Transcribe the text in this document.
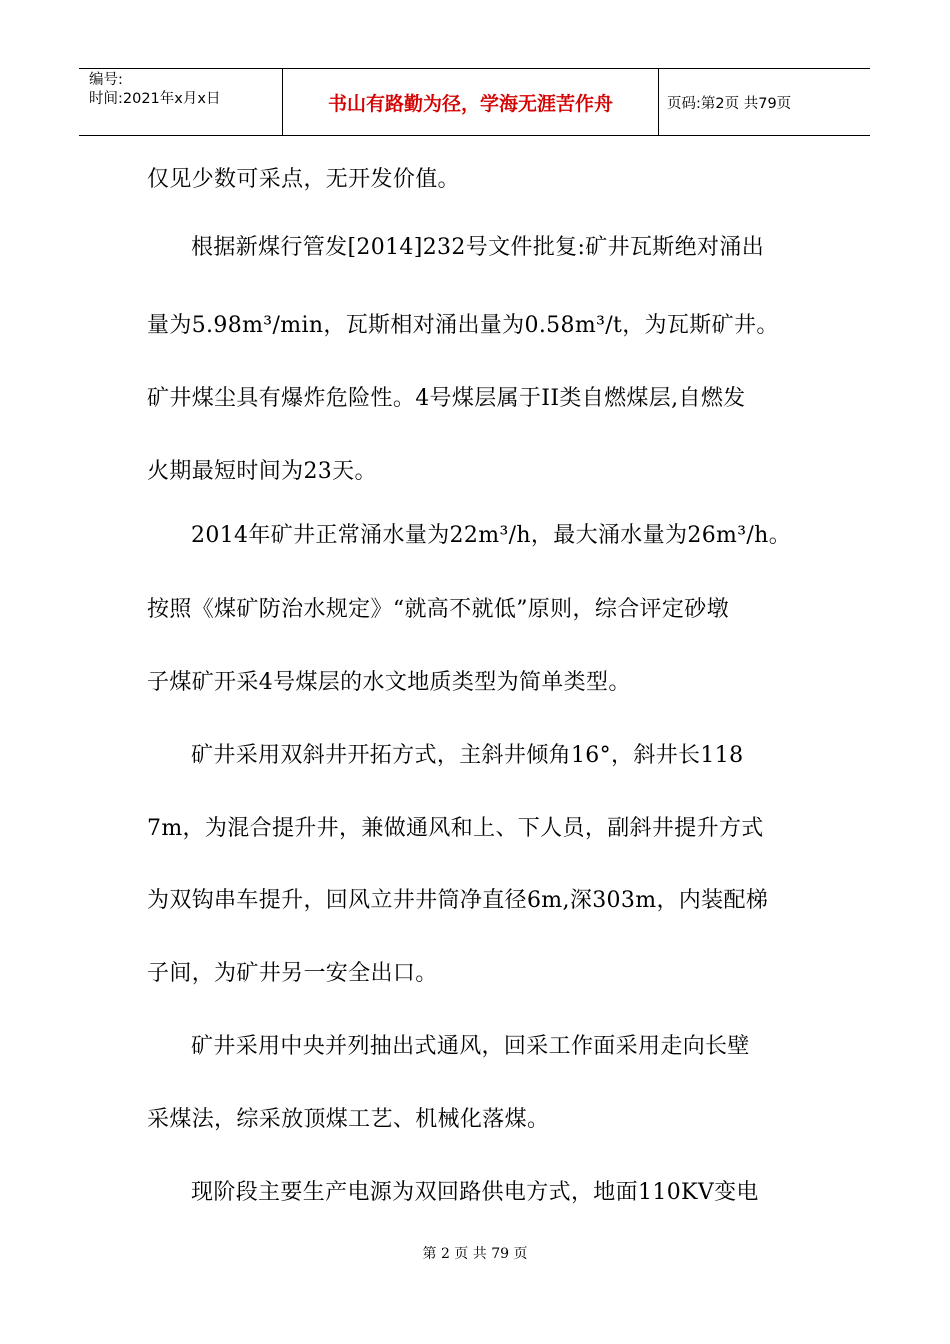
编号:
时间:2021年x月x日	书山有路勤为径，学海无涯苦作舟	页码:第2页 共79页
仅见少数可采点，无开发价值。
根据新煤行管发[2014]232号文件批复:矿井瓦斯绝对涌出
量为5.98m³/min，瓦斯相对涌出量为0.58m³/t，为瓦斯矿井。
矿井煤尘具有爆炸危险性。4号煤层属于II类自燃煤层,自燃发
火期最短时间为23天。
2014年矿井正常涌水量为22m³/h，最大涌水量为26m³/h。
按照《煤矿防治水规定》“就高不就低”原则，综合评定砂墩
子煤矿开采4号煤层的水文地质类型为简单类型。
矿井采用双斜井开拓方式，主斜井倾角16°，斜井长118
7m，为混合提升井，兼做通风和上、下人员，副斜井提升方式
为双钩串车提升，回风立井井筒净直径6m,深303m，内装配梯
子间，为矿井另一安全出口。
矿井采用中央并列抽出式通风，回采工作面采用走向长壁
采煤法，综采放顶煤工艺、机械化落煤。
现阶段主要生产电源为双回路供电方式，地面110KV变电
第 2 页 共 79 页
